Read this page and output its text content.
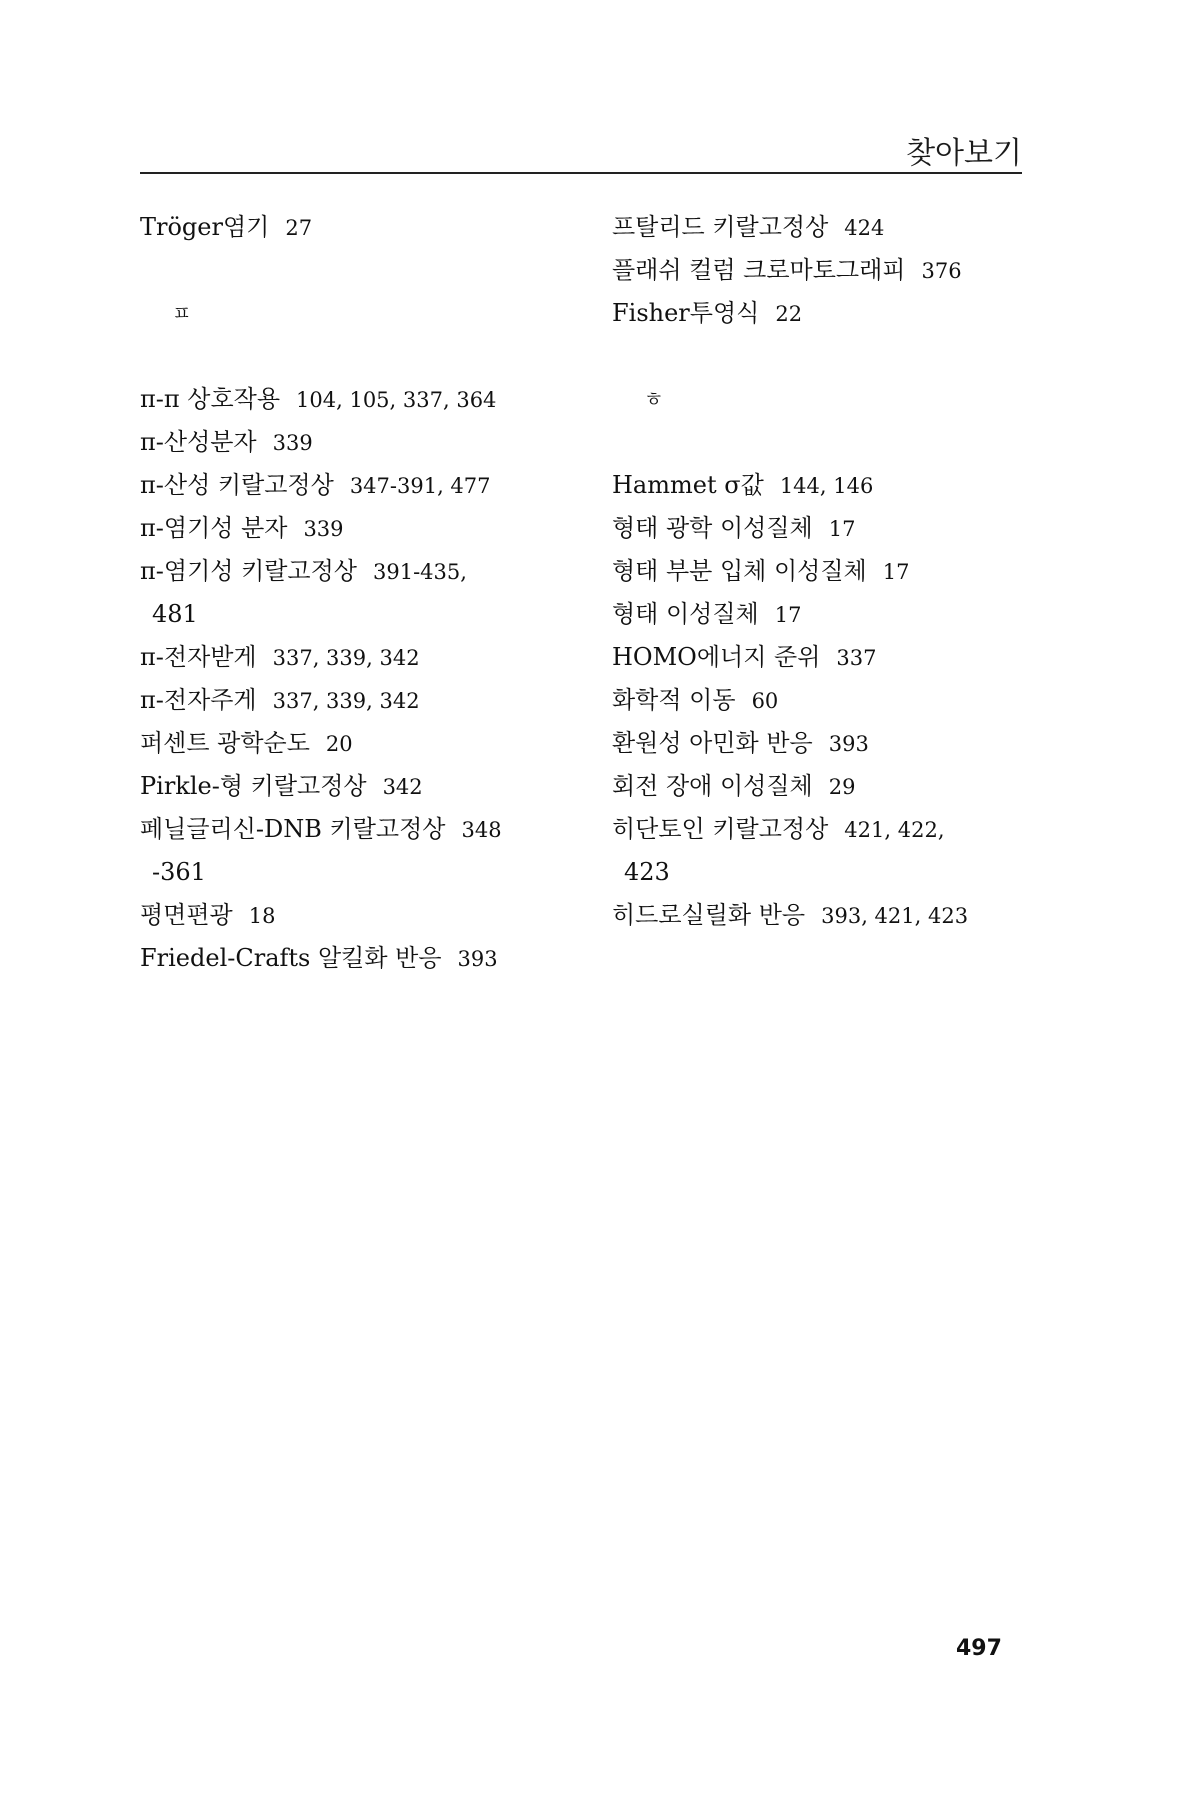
찾아보기
Tröger염기 27
ㅍ
π-π 상호작용 104, 105, 337, 364
π-산성분자 339
π-산성 키랄고정상 347-391, 477
π-염기성 분자 339
π-염기성 키랄고정상 391-435,
481
π-전자받게 337, 339, 342
π-전자주게 337, 339, 342
퍼센트 광학순도 20
Pirkle-형 키랄고정상 342
페닐글리신-DNB 키랄고정상 348
-361
평면편광 18
Friedel-Crafts 알킬화 반응 393
프탈리드 키랄고정상 424
플래쉬 컬럼 크로마토그래피 376
Fisher투영식 22
ㅎ
Hammet σ값 144, 146
형태 광학 이성질체 17
형태 부분 입체 이성질체 17
형태 이성질체 17
HOMO에너지 준위 337
화학적 이동 60
환원성 아민화 반응 393
회전 장애 이성질체 29
히단토인 키랄고정상 421, 422,
423
히드로실릴화 반응 393, 421, 423
497
